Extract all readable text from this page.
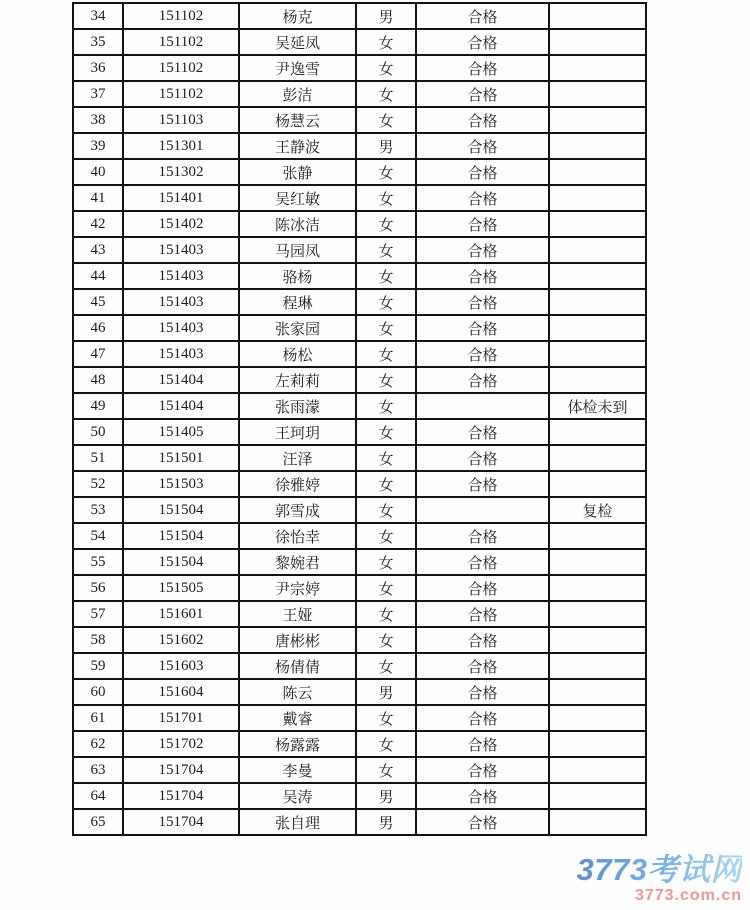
34	151102	杨克	男	合格	
35	151102	吴延凤	女	合格	
36	151102	尹逸雪	女	合格	
37	151102	彭洁	女	合格	
38	151103	杨慧云	女	合格	
39	151301	王静波	男	合格	
40	151302	张静	女	合格	
41	151401	吴红敏	女	合格	
42	151402	陈冰洁	女	合格	
43	151403	马园凤	女	合格	
44	151403	骆杨	女	合格	
45	151403	程琳	女	合格	
46	151403	张家园	女	合格	
47	151403	杨松	女	合格	
48	151404	左莉莉	女	合格	
49	151404	张雨濛	女		体检未到
50	151405	王珂玥	女	合格	
51	151501	汪泽	女	合格	
52	151503	徐雅婷	女	合格	
53	151504	郭雪成	女		复检
54	151504	徐怡幸	女	合格	
55	151504	黎婉君	女	合格	
56	151505	尹宗婷	女	合格	
57	151601	王娅	女	合格	
58	151602	唐彬彬	女	合格	
59	151603	杨倩倩	女	合格	
60	151604	陈云	男	合格	
61	151701	戴睿	女	合格	
62	151702	杨露露	女	合格	
63	151704	李曼	女	合格	
64	151704	吴涛	男	合格	
65	151704	张自理	男	合格	
3773考试网
3773.com.cn
